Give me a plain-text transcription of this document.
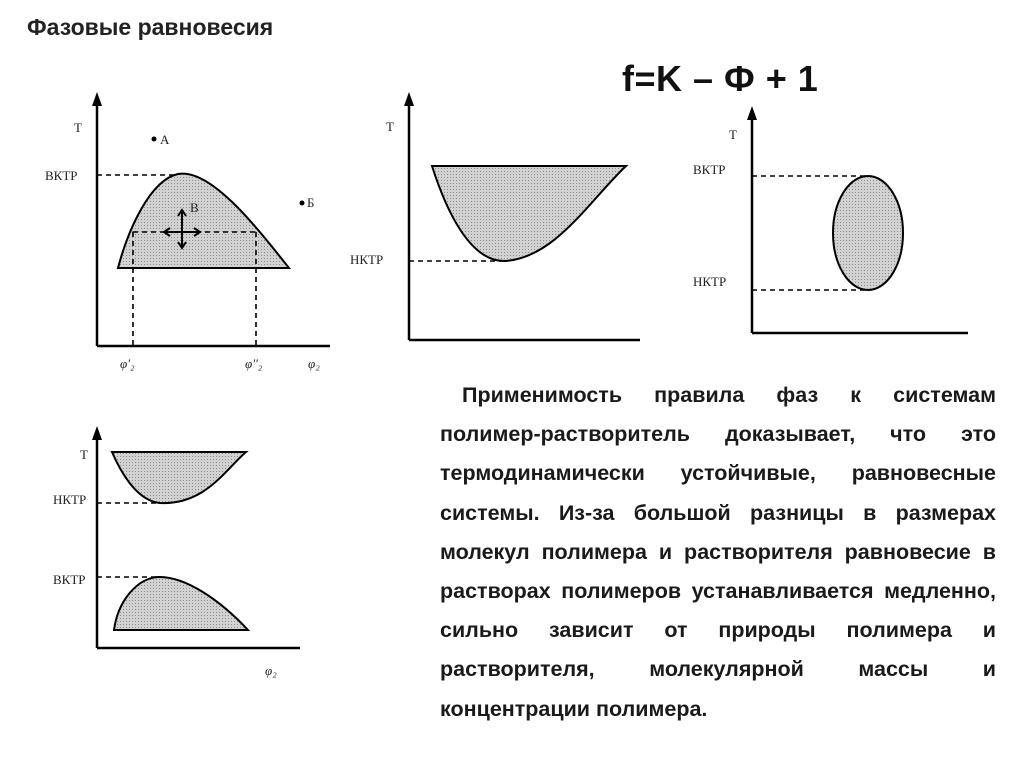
Фазовые равновесия
f=K – Ф + 1
T
ВКТР
А
Б
В
φ'₂	φ''₂	φ₂
T
НКТР
T
ВКТР
НКТР
T
НКТР
ВКТР
φ₂
Применимость правила фаз к системам полимер-растворитель доказывает, что это термодинамически устойчивые, равновесные системы. Из-за большой разницы в размерах молекул полимера и растворителя равновесие в растворах полимеров устанавливается медленно, сильно зависит от природы полимера и растворителя, молекулярной массы и концентрации полимера.
